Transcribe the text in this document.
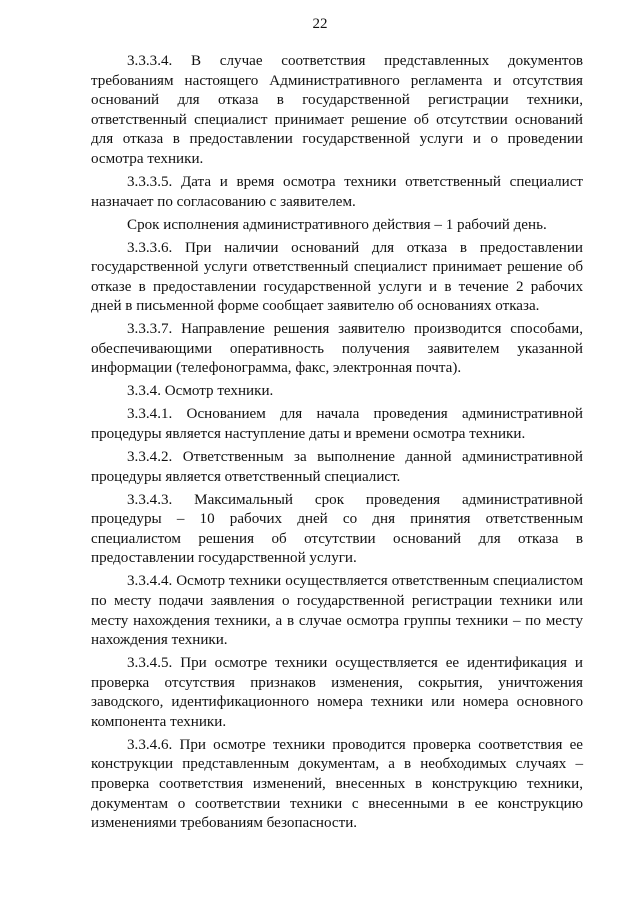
22

3.3.3.4. В случае соответствия представленных документов требованиям настоящего Административного регламента и отсутствия оснований для отказа в государственной регистрации техники, ответственный специалист принимает решение об отсутствии оснований для отказа в предоставлении государственной услуги и о проведении осмотра техники.

3.3.3.5. Дата и время осмотра техники ответственный специалист назначает по согласованию с заявителем.

Срок исполнения административного действия – 1 рабочий день.

3.3.3.6. При наличии оснований для отказа в предоставлении государственной услуги ответственный специалист принимает решение об отказе в предоставлении государственной услуги и в течение 2 рабочих дней в письменной форме сообщает заявителю об основаниях отказа.

3.3.3.7. Направление решения заявителю производится способами, обеспечивающими оперативность получения заявителем указанной информации (телефонограмма, факс, электронная почта).

3.3.4. Осмотр техники.

3.3.4.1. Основанием для начала проведения административной процедуры является наступление даты и времени осмотра техники.

3.3.4.2. Ответственным за выполнение данной административной процедуры является ответственный специалист.

3.3.4.3. Максимальный срок проведения административной процедуры – 10 рабочих дней со дня принятия ответственным специалистом решения об отсутствии оснований для отказа в предоставлении государственной услуги.

3.3.4.4. Осмотр техники осуществляется ответственным специалистом по месту подачи заявления о государственной регистрации техники или месту нахождения техники, а в случае осмотра группы техники – по месту нахождения техники.

3.3.4.5. При осмотре техники осуществляется ее идентификация и проверка отсутствия признаков изменения, сокрытия, уничтожения заводского, идентификационного номера техники или номера основного компонента техники.

3.3.4.6. При осмотре техники проводится проверка соответствия ее конструкции представленным документам, а в необходимых случаях – проверка соответствия изменений, внесенных в конструкцию техники, документам о соответствии техники с внесенными в ее конструкцию изменениями требованиям безопасности.
